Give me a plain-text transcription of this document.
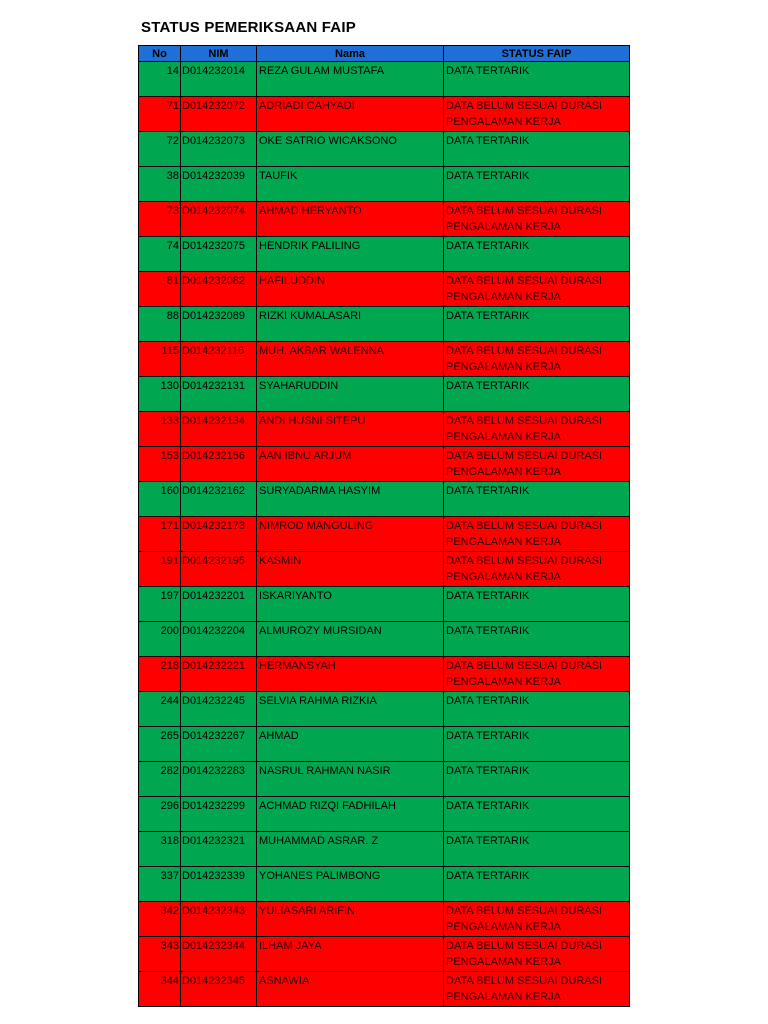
STATUS PEMERIKSAAN FAIP
No	NIM	Nama	STATUS FAIP
14	D014232014	REZA GULAM MUSTAFA	DATA TERTARIK
71	D014232072	ADRIADI CAHYADI	DATA BELUM SESUAI DURASI PENGALAMAN KERJA
72	D014232073	OKE SATRIO WICAKSONO	DATA TERTARIK
38	D014232039	TAUFIK	DATA TERTARIK
73	D014232074	AHMAD HERYANTO	DATA BELUM SESUAI DURASI PENGALAMAN KERJA
74	D014232075	HENDRIK PALILING	DATA TERTARIK
81	D014232082	HAFILUDDIN	DATA BELUM SESUAI DURASI PENGALAMAN KERJA
88	D014232089	RIZKI KUMALASARI	DATA TERTARIK
115	D014232116	MUH. AKBAR WALENNA	DATA BELUM SESUAI DURASI PENGALAMAN KERJA
130	D014232131	SYAHARUDDIN	DATA TERTARIK
133	D014232134	ANDI HUSNI SITEPU	DATA BELUM SESUAI DURASI PENGALAMAN KERJA
153	D014232156	AAN IBNU ARJUM	DATA BELUM SESUAI DURASI PENGALAMAN KERJA
160	D014232162	SURYADARMA HASYIM	DATA TERTARIK
171	D014232173	NIMROD MANGULING	DATA BELUM SESUAI DURASI PENGALAMAN KERJA
191	D014232195	KASMIN	DATA BELUM SESUAI DURASI PENGALAMAN KERJA
197	D014232201	ISKARIYANTO	DATA TERTARIK
200	D014232204	ALMUROZY MURSIDAN	DATA TERTARIK
218	D014232221	HERMANSYAH	DATA BELUM SESUAI DURASI PENGALAMAN KERJA
244	D014232245	SELVIA RAHMA RIZKIA	DATA TERTARIK
265	D014232267	AHMAD	DATA TERTARIK
282	D014232283	NASRUL RAHMAN NASIR	DATA TERTARIK
296	D014232299	ACHMAD RIZQI FADHILAH	DATA TERTARIK
318	D014232321	MUHAMMAD ASRAR. Z	DATA TERTARIK
337	D014232339	YOHANES PALIMBONG	DATA TERTARIK
342	D014232343	YULIASARI ARIFIN	DATA BELUM SESUAI DURASI PENGALAMAN KERJA
343	D014232344	ILHAM JAYA	DATA BELUM SESUAI DURASI PENGALAMAN KERJA
344	D014232345	ASNAWIA	DATA BELUM SESUAI DURASI PENGALAMAN KERJA
